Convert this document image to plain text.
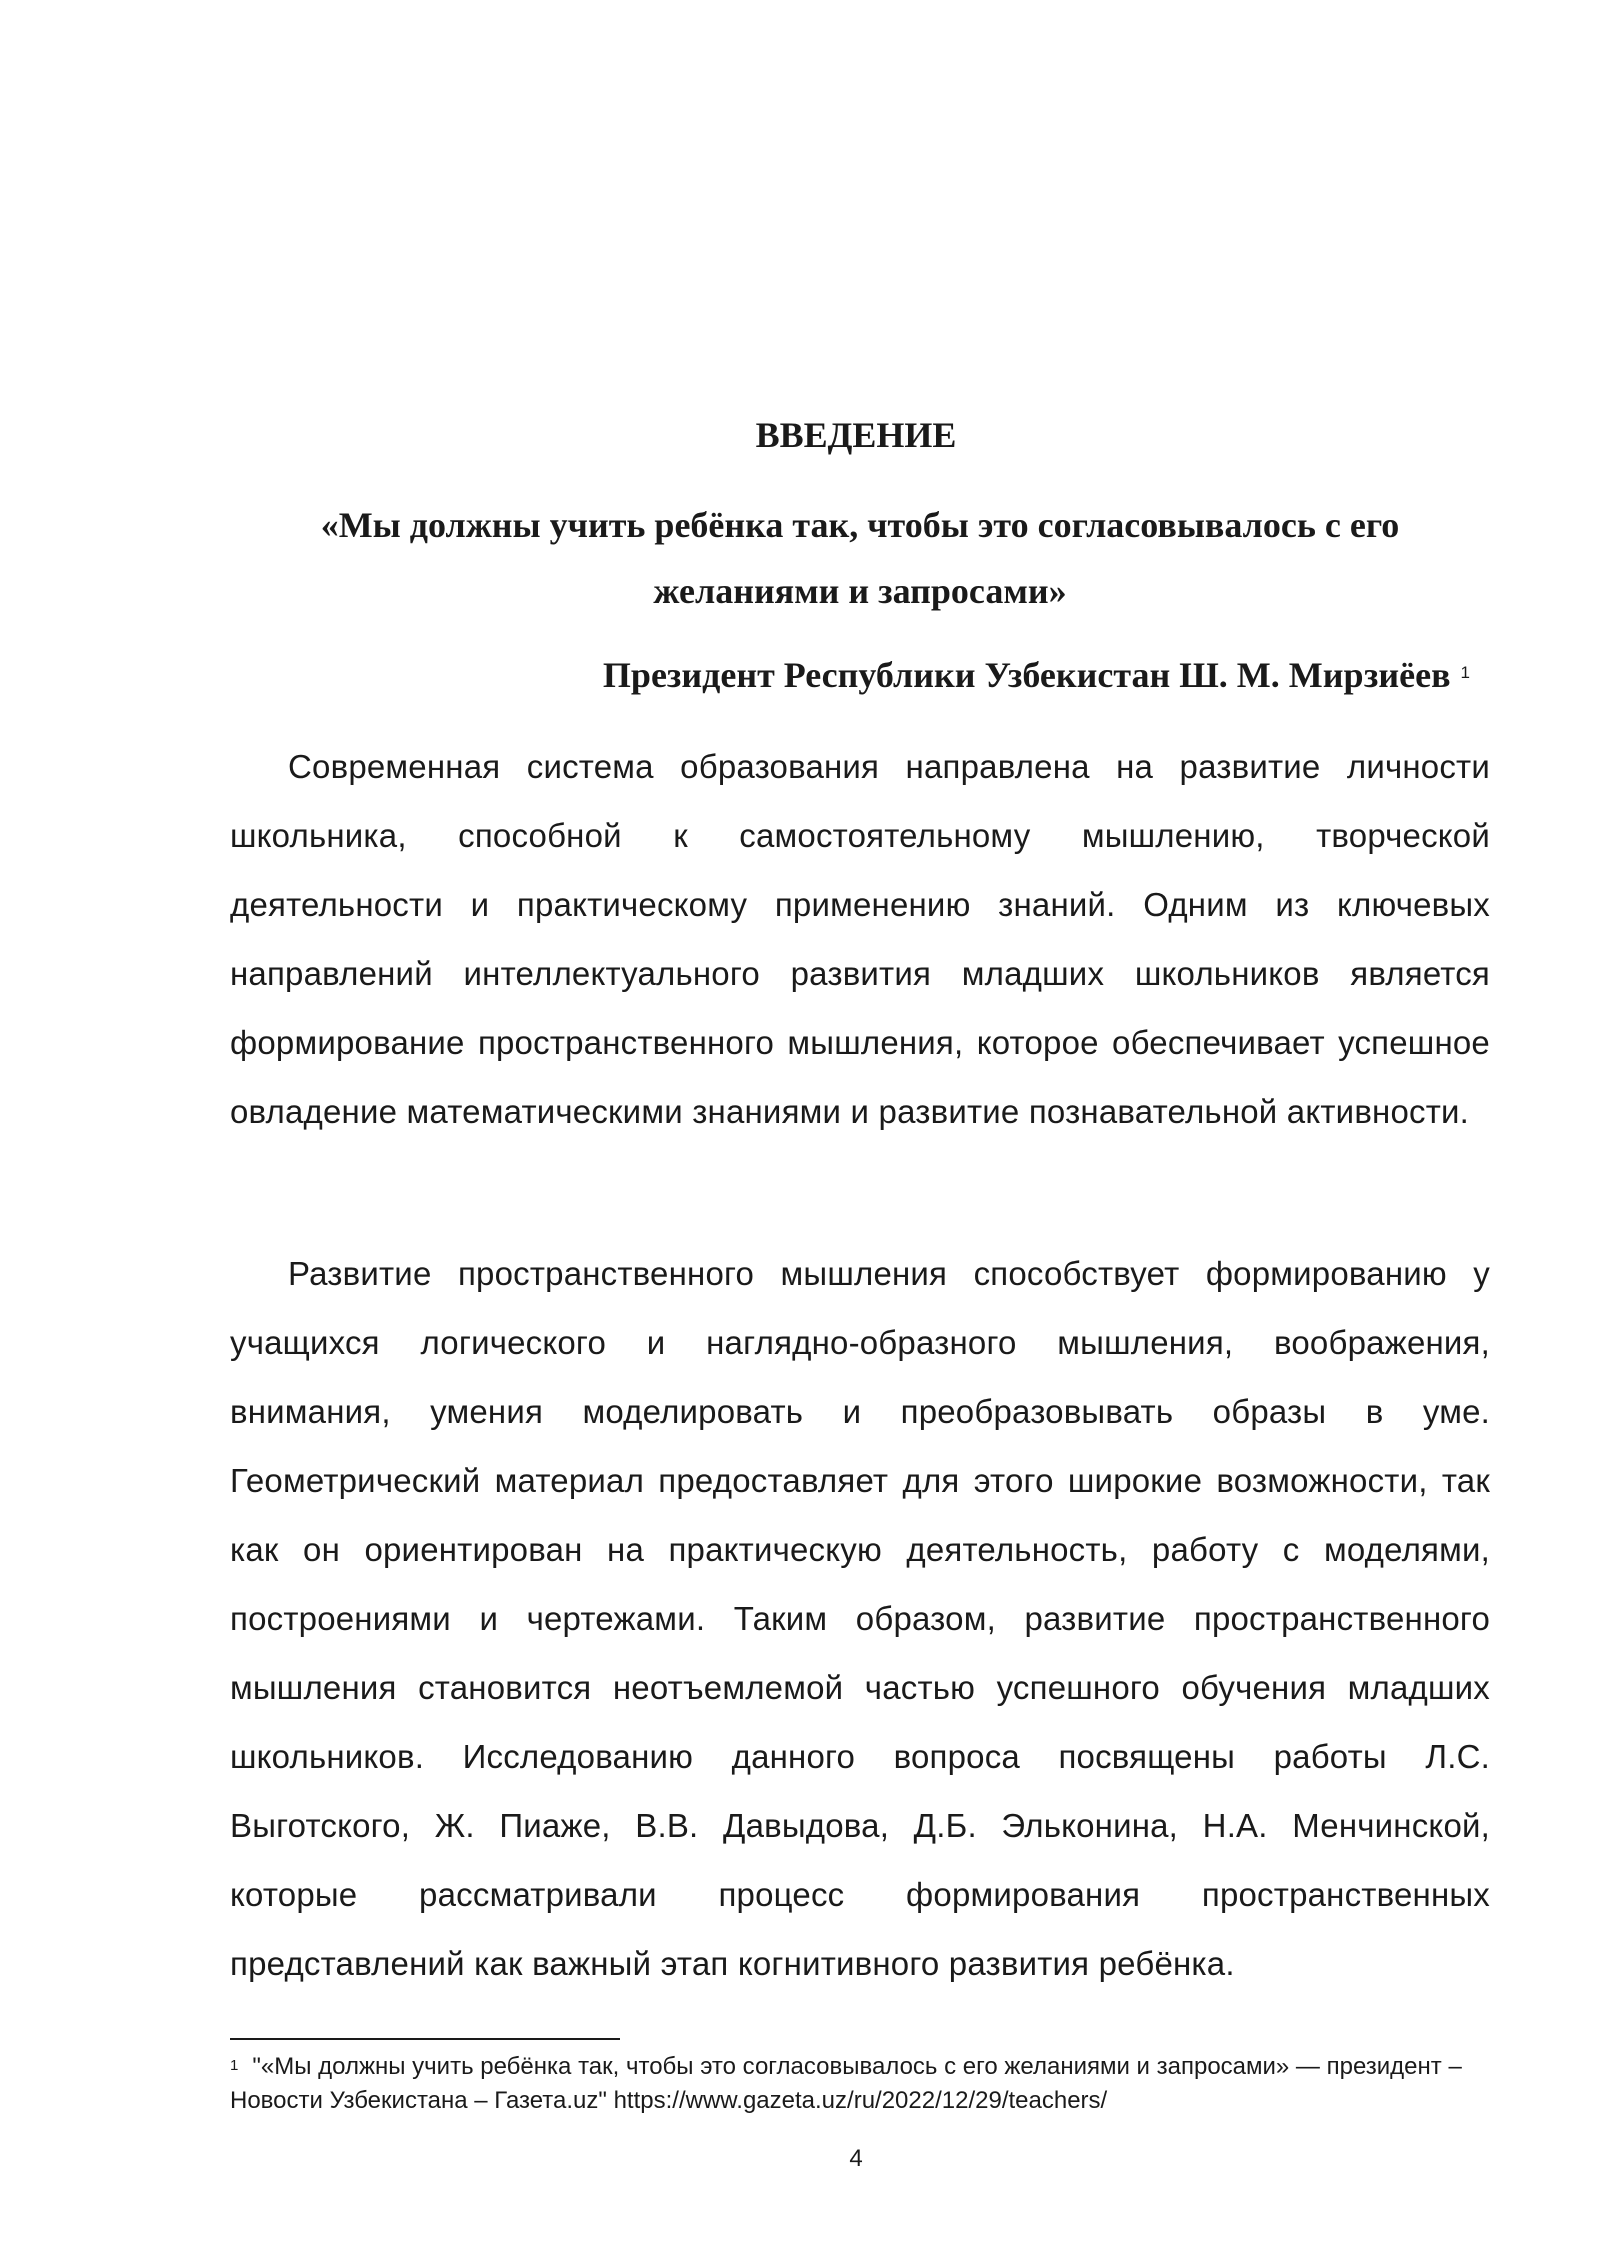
ВВЕДЕНИЕ

«Мы должны учить ребёнка так, чтобы это согласовывалось с его желаниями и запросами»

Президент Республики Узбекистан Ш. М. Мирзиёев $^1$

Современная система образования направлена на развитие личности школьника, способной к самостоятельному мышлению, творческой деятельности и практическому применению знаний. Одним из ключевых направлений интеллектуального развития младших школьников является формирование пространственного мышления, которое обеспечивает успешное овладение математическими знаниями и развитие познавательной активности.

Развитие пространственного мышления способствует формированию у учащихся логического и наглядно-образного мышления, воображения, внимания, умения моделировать и преобразовывать образы в уме. Геометрический материал предоставляет для этого широкие возможности, так как он ориентирован на практическую деятельность, работу с моделями, построениями и чертежами. Таким образом, развитие пространственного мышления становится неотъемлемой частью успешного обучения младших школьников. Исследованию данного вопроса посвящены работы Л.С. Выготского, Ж. Пиаже, В.В. Давыдова, Д.Б. Эльконина, Н.А. Менчинской, которые рассматривали процесс формирования пространственных представлений как важный этап когнитивного развития ребёнка.

$^1$ "«Мы должны учить ребёнка так, чтобы это согласовывалось с его желаниями и запросами» — президент – Новости Узбекистана – Газета.uz" https://www.gazeta.uz/ru/2022/12/29/teachers/

4
